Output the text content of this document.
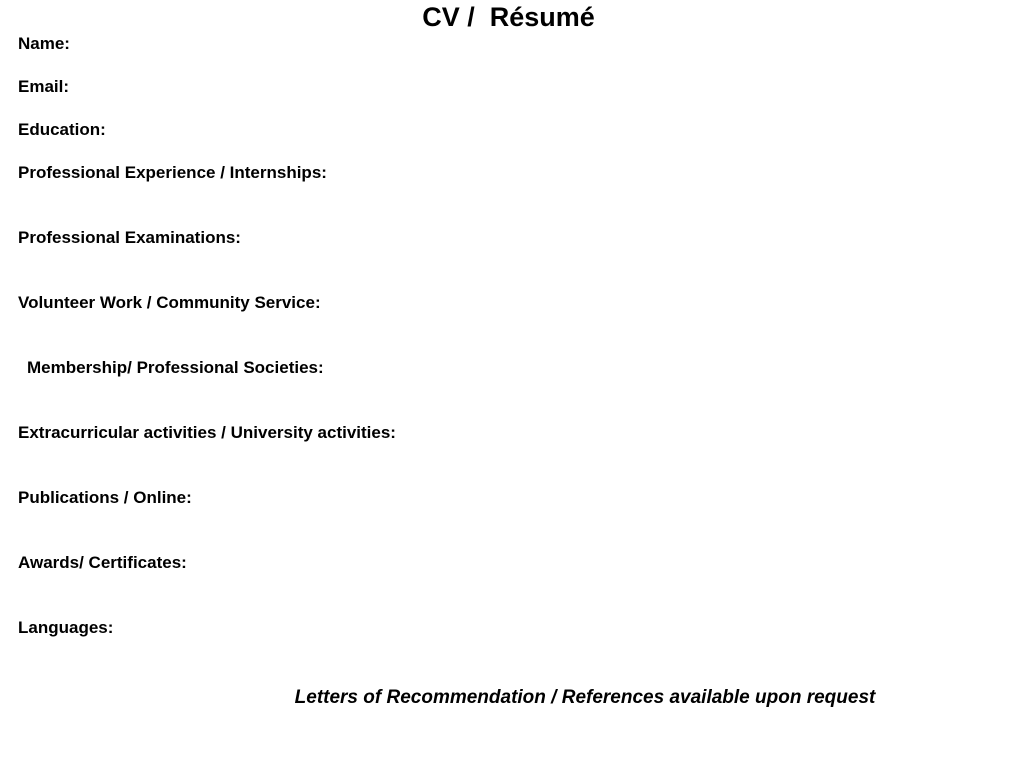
CV /  Résumé
Name:
Email:
Education:
Professional Experience / Internships:
Professional Examinations:
Volunteer Work / Community Service:
Membership/ Professional Societies:
Extracurricular activities / University activities:
Publications / Online:
Awards/ Certificates:
Languages:
Letters of Recommendation / References available upon request
